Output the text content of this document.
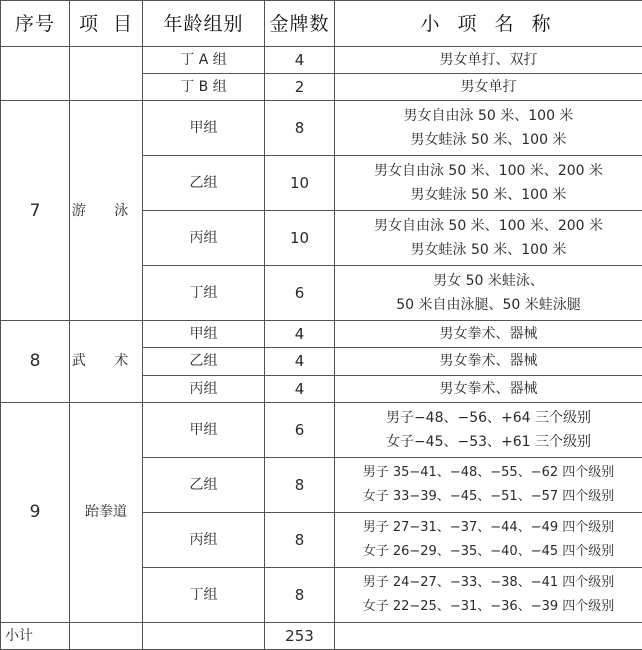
序号	项  目	年龄组别	金牌数	小 项 名 称
		丁 A 组	4	男女单打、双打

		丁 B 组	2	男女单打

7	游 泳	甲组	8	男女自由泳 50 米、100 米
男女蛙泳 50 米、100 米

		乙组	10	男女自由泳 50 米、100 米、200 米
男女蛙泳 50 米、100 米

		丙组	10	男女自由泳 50 米、100 米、200 米
男女蛙泳 50 米、100 米

		丁组	6	男女 50 米蛙泳、
50 米自由泳腿、50 米蛙泳腿

8	武 术	甲组	4	男女拳术、器械

		乙组	4	男女拳术、器械

		丙组	4	男女拳术、器械

9	跆拳道	甲组	6	男子−48、−56、+64 三个级别
女子−45、−53、+61 三个级别

		乙组	8	男子 35−41、−48、−55、−62 四个级别
女子 33−39、−45、−51、−57 四个级别

		丙组	8	男子 27−31、−37、−44、−49 四个级别
女子 26−29、−35、−40、−45 四个级别

		丁组	8	男子 24−27、−33、−38、−41 四个级别
女子 22−25、−31、−36、−39 四个级别

小计			253	
